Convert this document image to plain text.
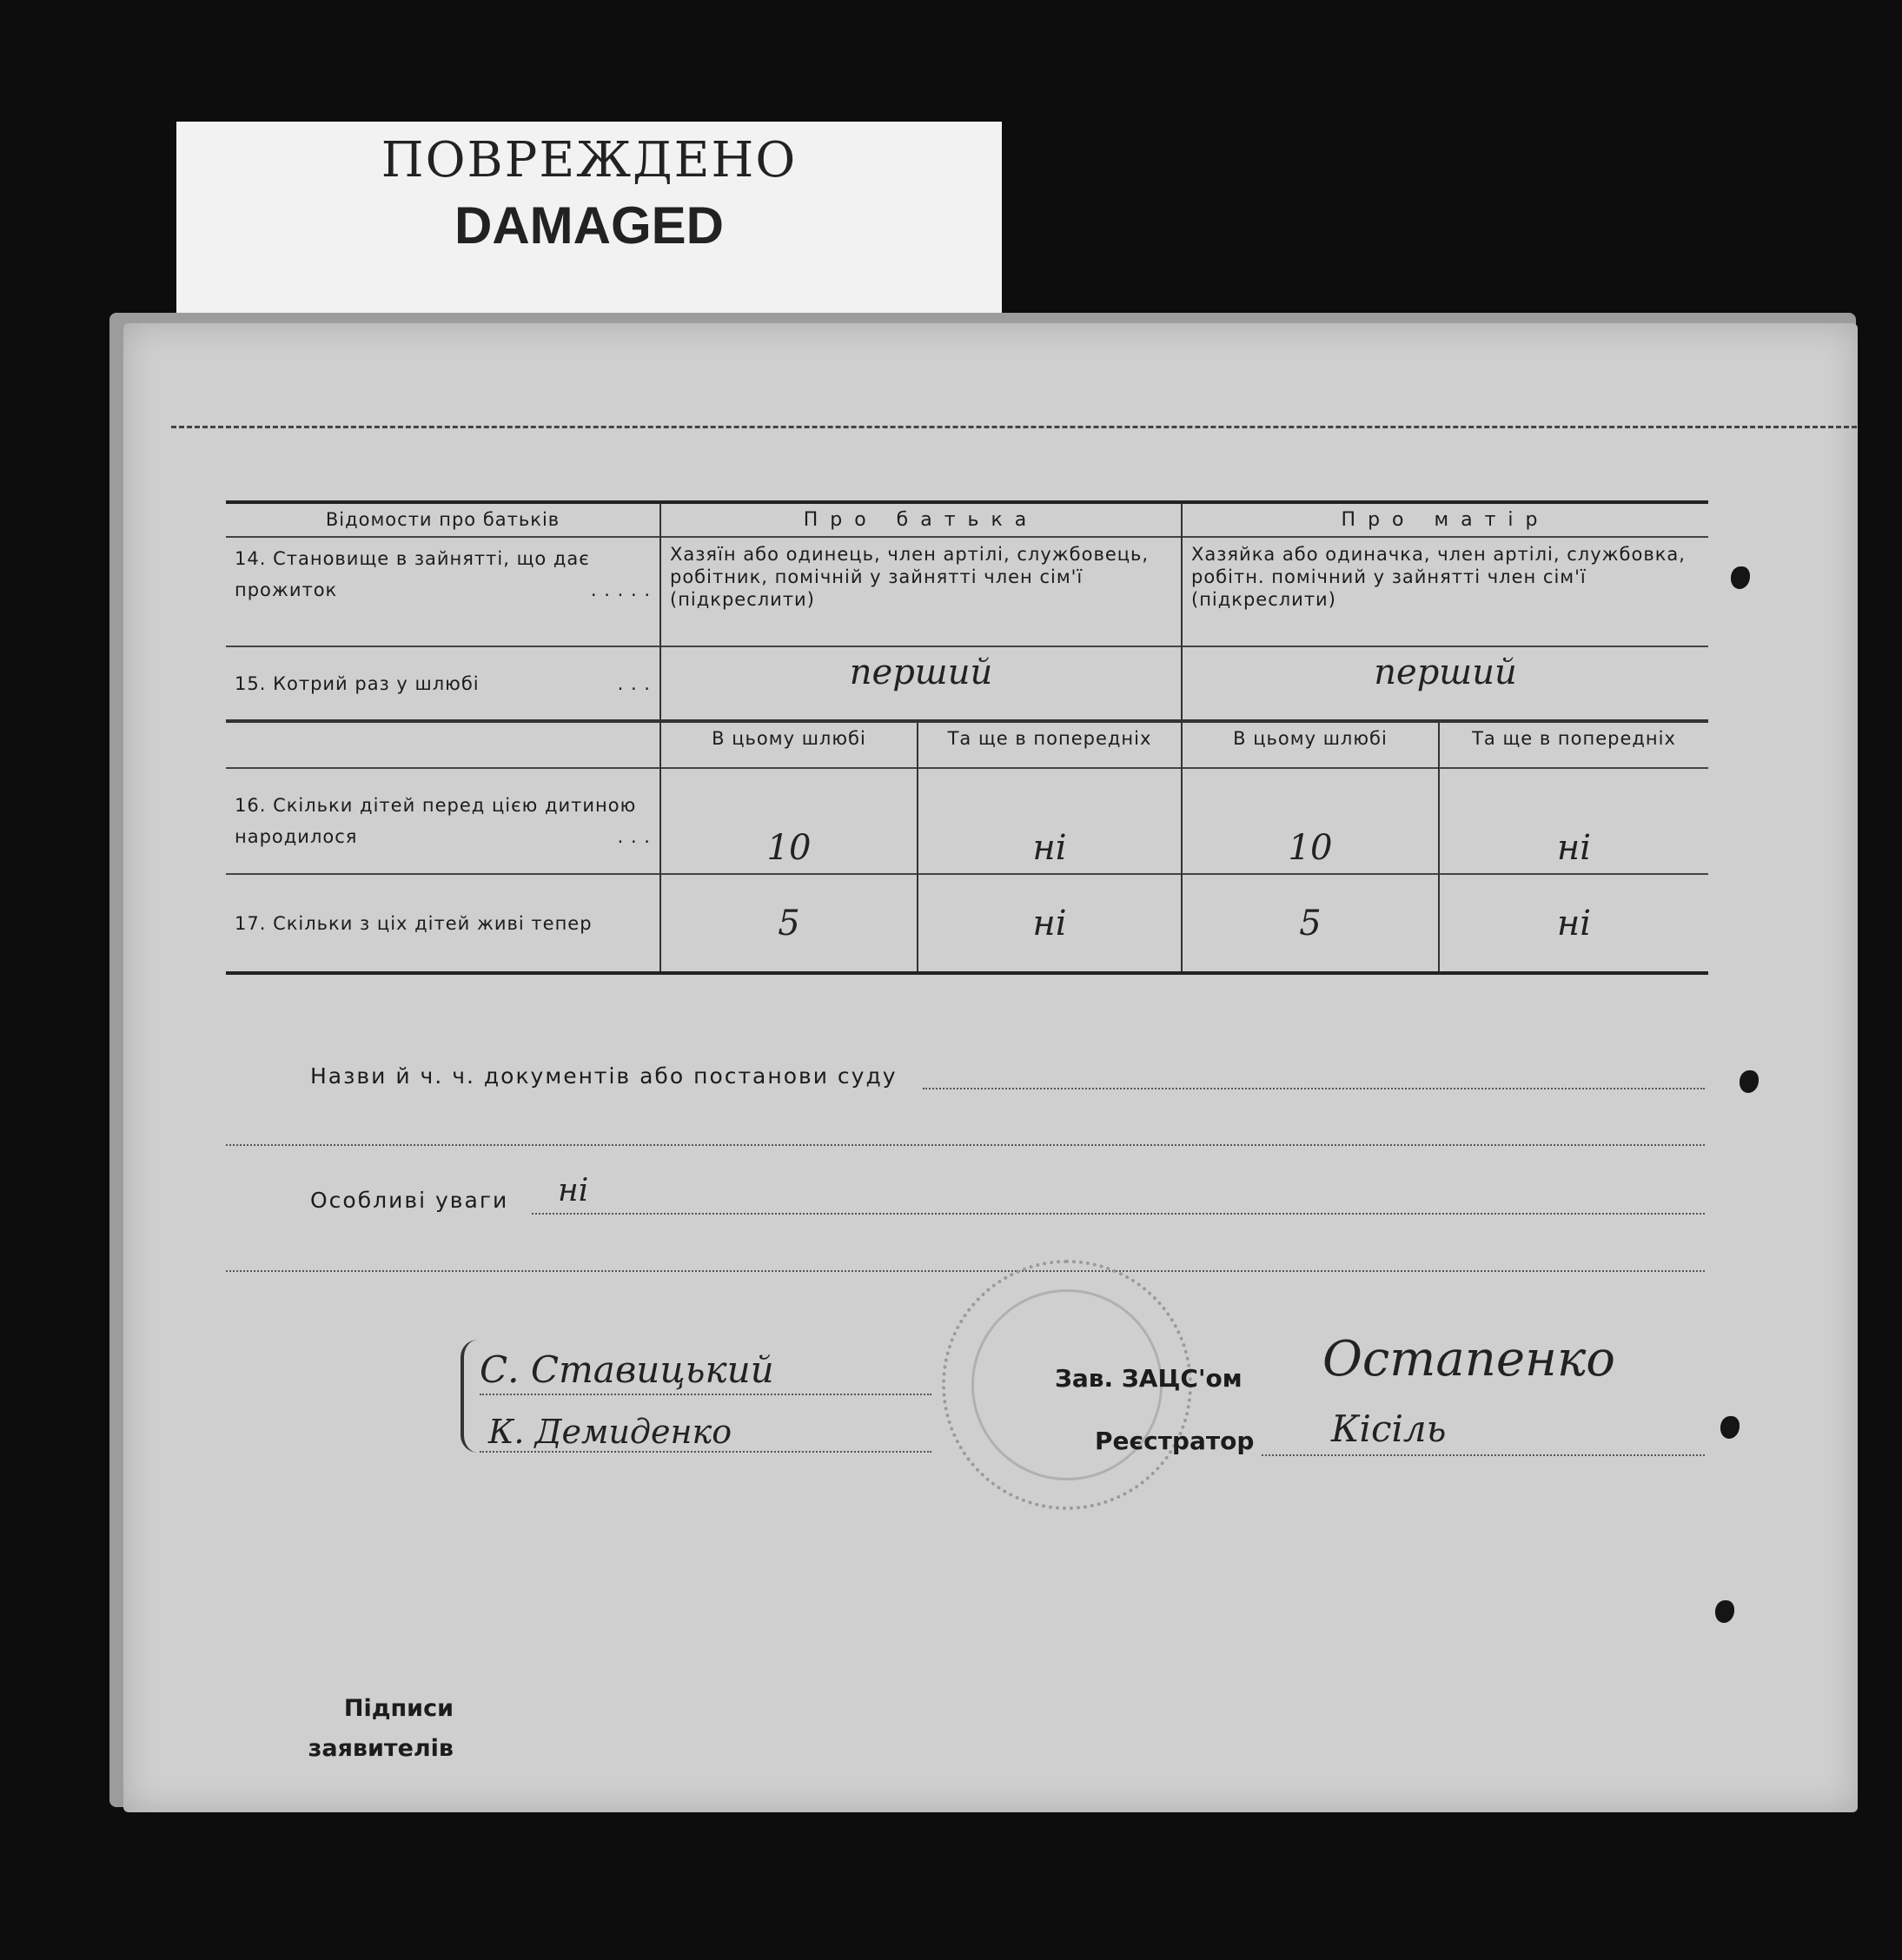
ПОВРЕЖДЕНО
DAMAGED
Відомости про батьків	Про батька		Про матір	
14. Становище в зайнятті, що дає прожиток . . . . .	Хазяїн або одинець, член артілі, службовець, робітник, помічній у зайнятті член сім'ї (підкреслити)		Хазяйка або одиначка, член артілі, службовка, робітн. помічний у зайнятті член сім'ї (підкреслити)	
15. Котрий раз у шлюбі . . .	перший		перший	
	В цьому шлюбі	Та ще в попередніх	В цьому шлюбі	Та ще в попередніх
16. Скільки дітей перед цією дитиною народилося . . .	10	ні	10	ні
17. Скільки з ціх дітей живі тепер	5	ні	5	ні
Назви й ч. ч. документів або постанови суду
Особливі уваги ні
Підписи
заявителів
С. Ставицький
К. Демиденко
Зав. ЗАЦС'ом Остапенко
Реєстратор Кісіль
